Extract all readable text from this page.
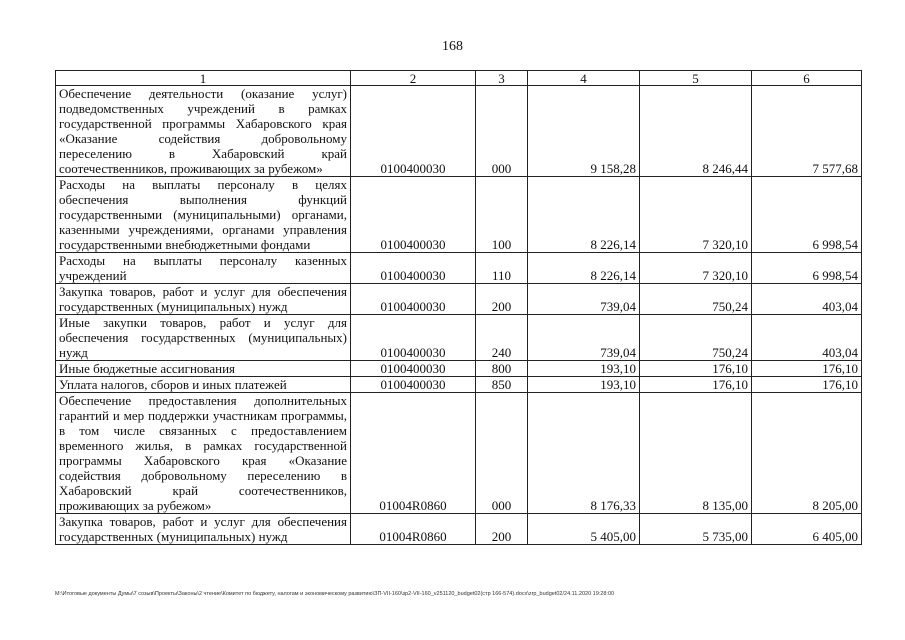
168
1	2	3	4	5	6
Обеспечение деятельности (оказание услуг) подведомственных учреждений в рамках государственной программы Хабаровского края «Оказание содействия добровольному переселению в Хабаровский край соотечественников, проживающих за рубежом»	0100400030	000	9 158,28	8 246,44	7 577,68
Расходы на выплаты персоналу в целях обеспечения выполнения функций государственными (муниципальными) органами, казенными учреждениями, органами управления государственными внебюджетными фондами	0100400030	100	8 226,14	7 320,10	6 998,54
Расходы на выплаты персоналу казенных учреждений	0100400030	110	8 226,14	7 320,10	6 998,54
Закупка товаров, работ и услуг для обеспечения государственных (муниципальных) нужд	0100400030	200	739,04	750,24	403,04
Иные закупки товаров, работ и услуг для обеспечения государственных (муниципальных) нужд	0100400030	240	739,04	750,24	403,04
Иные бюджетные ассигнования	0100400030	800	193,10	176,10	176,10
Уплата налогов, сборов и иных платежей	0100400030	850	193,10	176,10	176,10
Обеспечение предоставления дополнительных гарантий и мер поддержки участникам программы, в том числе связанных с предоставлением временного жилья, в рамках государственной программы Хабаровского края «Оказание содействия добровольному переселению в Хабаровский край соотечественников, проживающих за рубежом»	01004R0860	000	8 176,33	8 135,00	8 205,00
Закупка товаров, работ и услуг для обеспечения государственных (муниципальных) нужд	01004R0860	200	5 405,00	5 735,00	6 405,00
M:\Итоговые документы Думы\7 созыв\Проекты\Законы\2 чтение\Комитет по бюджету, налогам и экономическому развитию\ЗП-VII-160\зр2-VII-160_v251120_budget02(стр 166-574).docx\zrp_budget02/24.11.2020 19:28:00
